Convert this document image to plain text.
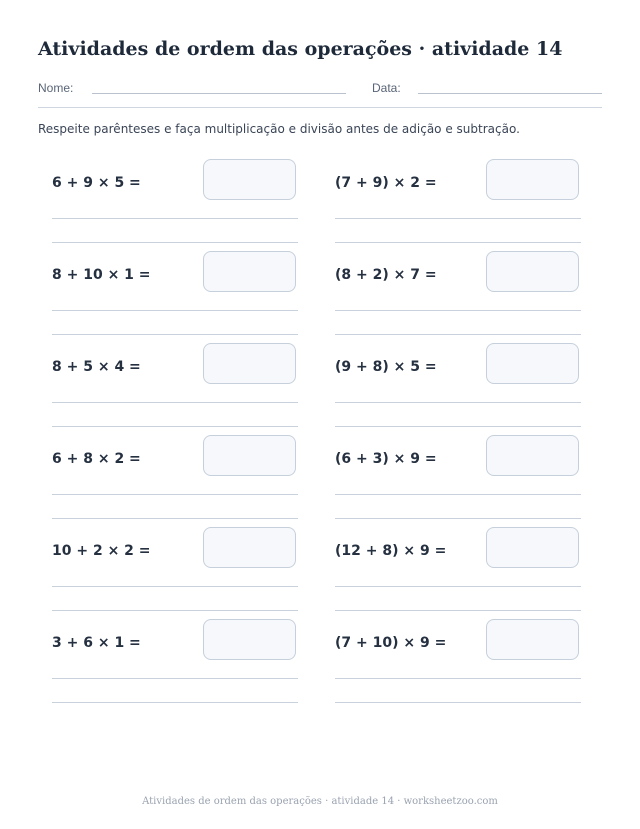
Atividades de ordem das operações · atividade 14
Nome:	Data:
Respeite parênteses e faça multiplicação e divisão antes de adição e subtração.
6 + 9 × 5 =	(7 + 9) × 2 =
8 + 10 × 1 =	(8 + 2) × 7 =
8 + 5 × 4 =	(9 + 8) × 5 =
6 + 8 × 2 =	(6 + 3) × 9 =
10 + 2 × 2 =	(12 + 8) × 9 =
3 + 6 × 1 =	(7 + 10) × 9 =
Atividades de ordem das operações · atividade 14 · worksheetzoo.com
